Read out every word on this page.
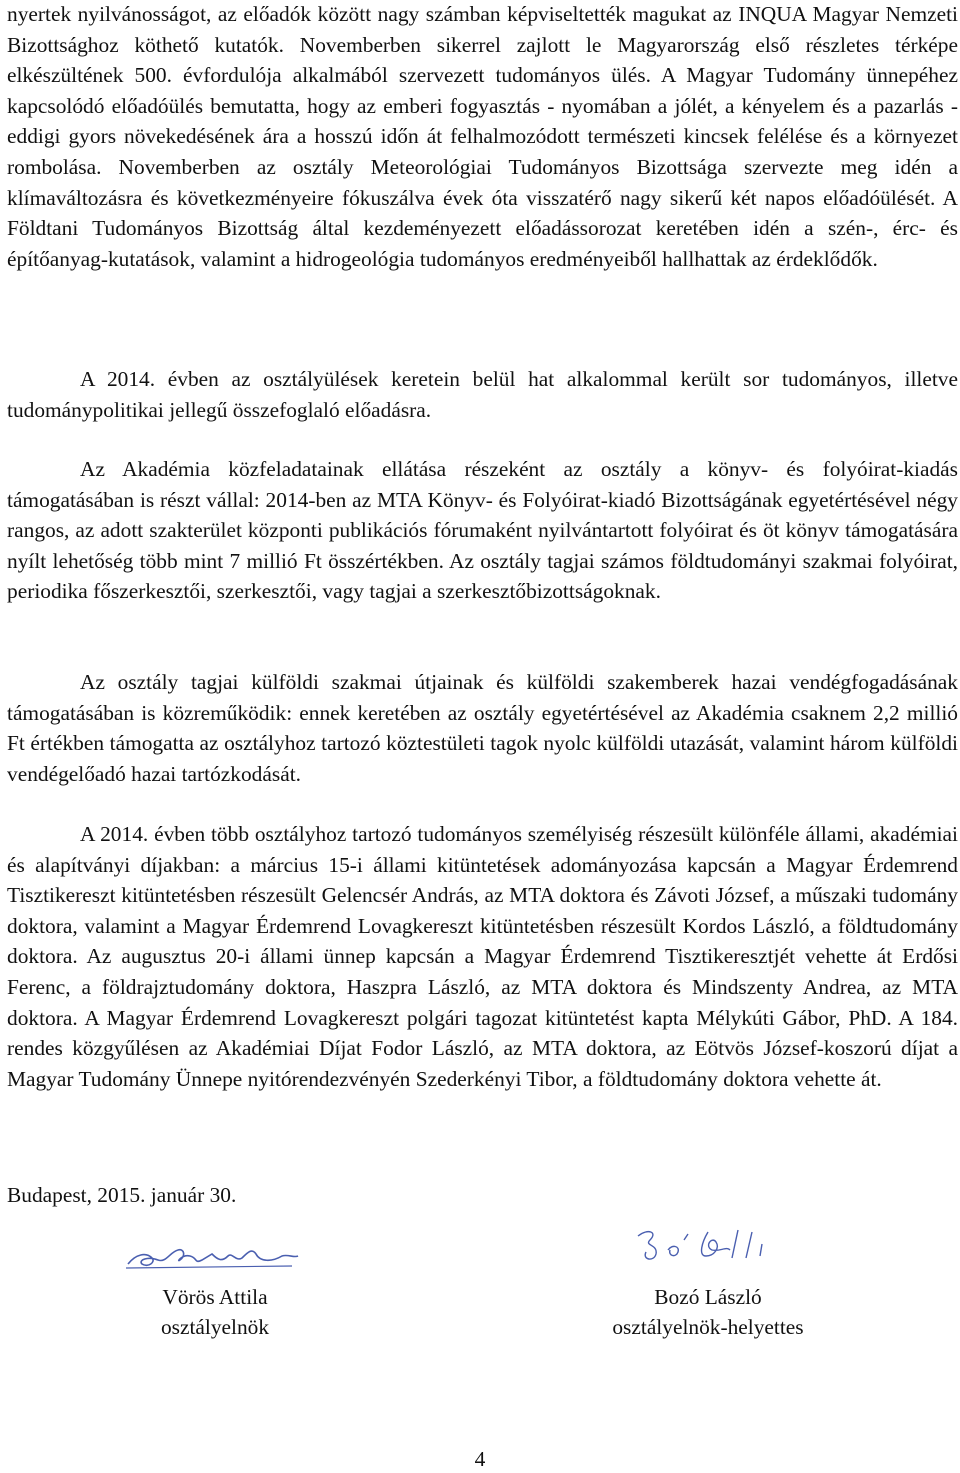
nyertek nyilvánosságot, az előadók között nagy számban képviseltették magukat az INQUA Magyar Nemzeti Bizottsághoz köthető kutatók. Novemberben sikerrel zajlott le Magyarország első részletes térképe elkészültének 500. évfordulója alkalmából szervezett tudományos ülés. A Magyar Tudomány ünnepéhez kapcsolódó előadóülés bemutatta, hogy az emberi fogyasztás - nyomában a jólét, a kényelem és a pazarlás - eddigi gyors növekedésének ára a hosszú időn át felhalmozódott természeti kincsek felélése és a környezet rombolása. Novemberben az osztály Meteorológiai Tudományos Bizottsága szervezte meg idén a klímaváltozásra és következményeire fókuszálva évek óta visszatérő nagy sikerű két napos előadóülését. A Földtani Tudományos Bizottság által kezdeményezett előadássorozat keretében idén a szén-, érc- és építőanyag-kutatások, valamint a hidrogeológia tudományos eredményeiből hallhattak az érdeklődők.

A 2014. évben az osztályülések keretein belül hat alkalommal került sor tudományos, illetve tudománypolitikai jellegű összefoglaló előadásra.

Az Akadémia közfeladatainak ellátása részeként az osztály a könyv- és folyóirat-kiadás támogatásában is részt vállal: 2014-ben az MTA Könyv- és Folyóirat-kiadó Bizottságának egyetértésével négy rangos, az adott szakterület központi publikációs fórumaként nyilvántartott folyóirat és öt könyv támogatására nyílt lehetőség több mint 7 millió Ft összértékben. Az osztály tagjai számos földtudományi szakmai folyóirat, periodika főszerkesztői, szerkesztői, vagy tagjai a szerkesztőbizottságoknak.

Az osztály tagjai külföldi szakmai útjainak és külföldi szakemberek hazai vendégfogadásának támogatásában is közreműködik: ennek keretében az osztály egyetértésével az Akadémia csaknem 2,2 millió Ft értékben támogatta az osztályhoz tartozó köztestületi tagok nyolc külföldi utazását, valamint három külföldi vendégelőadó hazai tartózkodását.

A 2014. évben több osztályhoz tartozó tudományos személyiség részesült különféle állami, akadémiai és alapítványi díjakban: a március 15-i állami kitüntetések adományozása kapcsán a Magyar Érdemrend Tisztikereszt kitüntetésben részesült Gelencsér András, az MTA doktora és Závoti József, a műszaki tudomány doktora, valamint a Magyar Érdemrend Lovagkereszt kitüntetésben részesült Kordos László, a földtudomány doktora. Az augusztus 20-i állami ünnep kapcsán a Magyar Érdemrend Tisztikeresztjét vehette át Erdősi Ferenc, a földrajztudomány doktora, Haszpra László, az MTA doktora és Mindszenty Andrea, az MTA doktora. A Magyar Érdemrend Lovagkereszt polgári tagozat kitüntetést kapta Mélykúti Gábor, PhD. A 184. rendes közgyűlésen az Akadémiai Díjat Fodor László, az MTA doktora, az Eötvös József-koszorú díjat a Magyar Tudomány Ünnepe nyitórendezvényén Szederkényi Tibor, a földtudomány doktora vehette át.

Budapest, 2015. január 30.
Vörös Attila
osztályelnök
Bozó László
osztályelnök-helyettes
4
